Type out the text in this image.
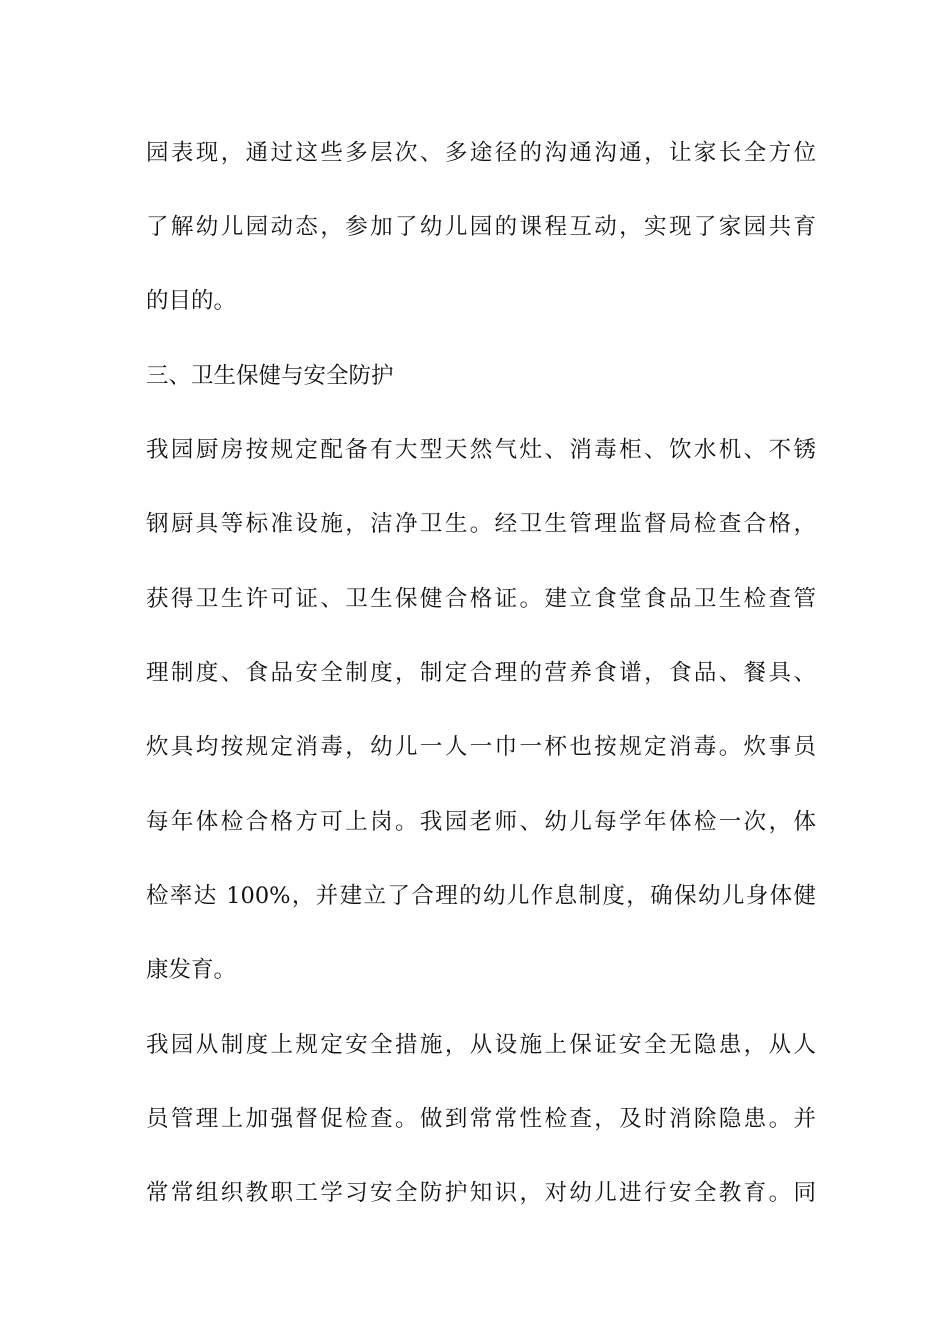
园表现，通过这些多层次、多途径的沟通沟通，让家长全方位
了解幼儿园动态，参加了幼儿园的课程互动，实现了家园共育
的目的。
三、卫生保健与安全防护
我园厨房按规定配备有大型天然气灶、消毒柜、饮水机、不锈
钢厨具等标准设施，洁净卫生。经卫生管理监督局检查合格，
获得卫生许可证、卫生保健合格证。建立食堂食品卫生检查管
理制度、食品安全制度，制定合理的营养食谱，食品、餐具、
炊具均按规定消毒，幼儿一人一巾一杯也按规定消毒。炊事员
每年体检合格方可上岗。我园老师、幼儿每学年体检一次，体
检率达 100%，并建立了合理的幼儿作息制度，确保幼儿身体健
康发育。
我园从制度上规定安全措施，从设施上保证安全无隐患，从人
员管理上加强督促检查。做到常常性检查，及时消除隐患。并
常常组织教职工学习安全防护知识，对幼儿进行安全教育。同
